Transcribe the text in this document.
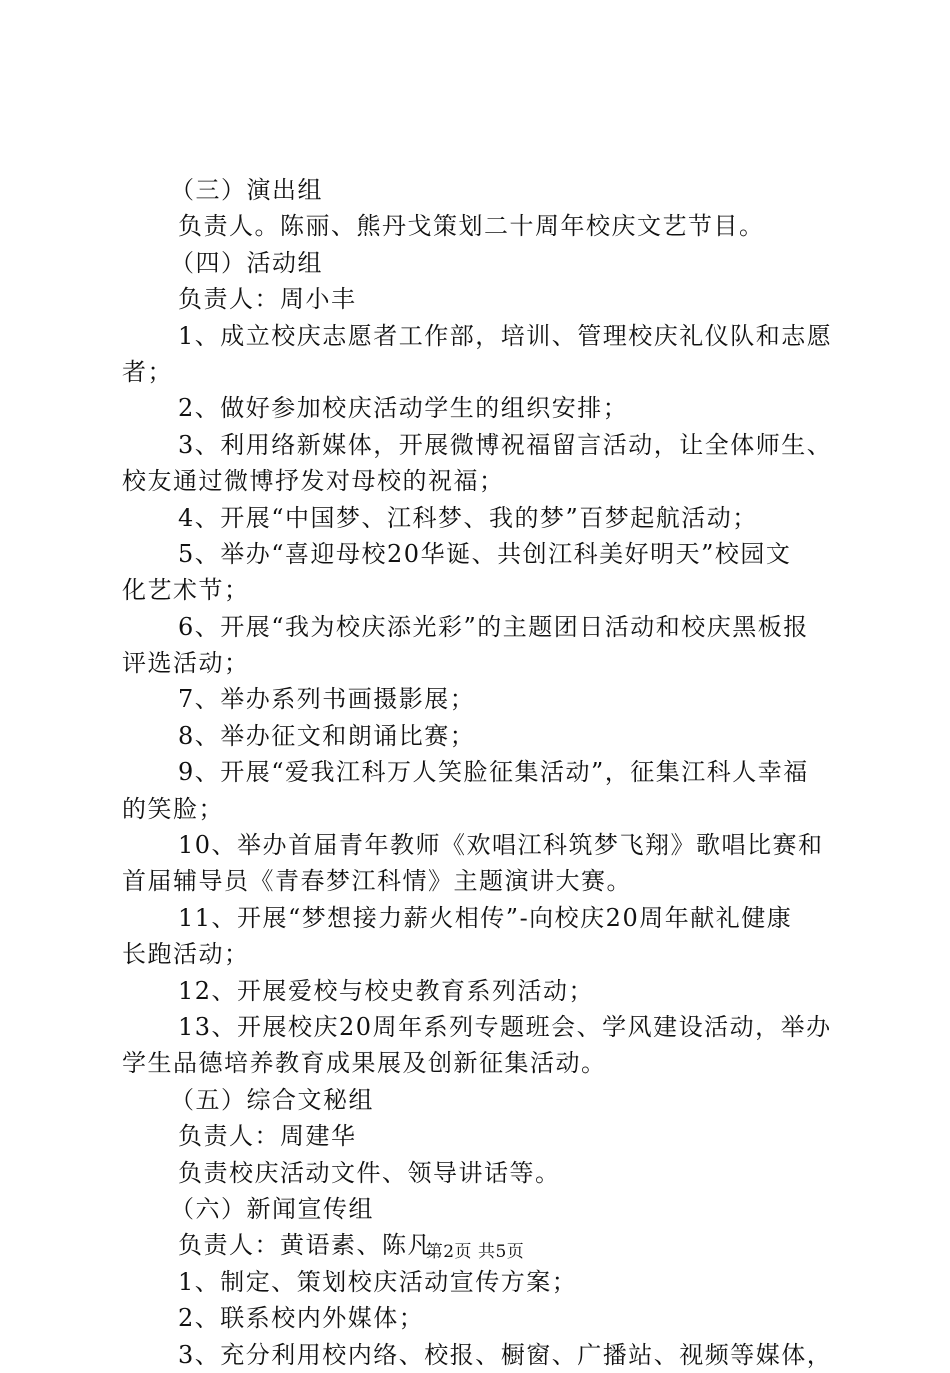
（三）演出组
负责人。陈丽、熊丹戈策划二十周年校庆文艺节目。
（四）活动组
负责人：周小丰
1、成立校庆志愿者工作部，培训、管理校庆礼仪队和志愿
者；
2、做好参加校庆活动学生的组织安排；
3、利用络新媒体，开展微博祝福留言活动，让全体师生、
校友通过微博抒发对母校的祝福；
4、开展“中国梦、江科梦、我的梦”百梦起航活动；
5、举办“喜迎母校20华诞、共创江科美好明天”校园文
化艺术节；
6、开展“我为校庆添光彩”的主题团日活动和校庆黑板报
评选活动；
7、举办系列书画摄影展；
8、举办征文和朗诵比赛；
9、开展“爱我江科万人笑脸征集活动”，征集江科人幸福
的笑脸；
10、举办首届青年教师《欢唱江科筑梦飞翔》歌唱比赛和
首届辅导员《青春梦江科情》主题演讲大赛。
11、开展“梦想接力薪火相传”-向校庆20周年献礼健康
长跑活动；
12、开展爱校与校史教育系列活动；
13、开展校庆20周年系列专题班会、学风建设活动，举办
学生品德培养教育成果展及创新征集活动。
（五）综合文秘组
负责人：周建华
负责校庆活动文件、领导讲话等。
（六）新闻宣传组
负责人：黄语素、陈凡
1、制定、策划校庆活动宣传方案；
2、联系校内外媒体；
3、充分利用校内络、校报、橱窗、广播站、视频等媒体，
第2页 共5页
